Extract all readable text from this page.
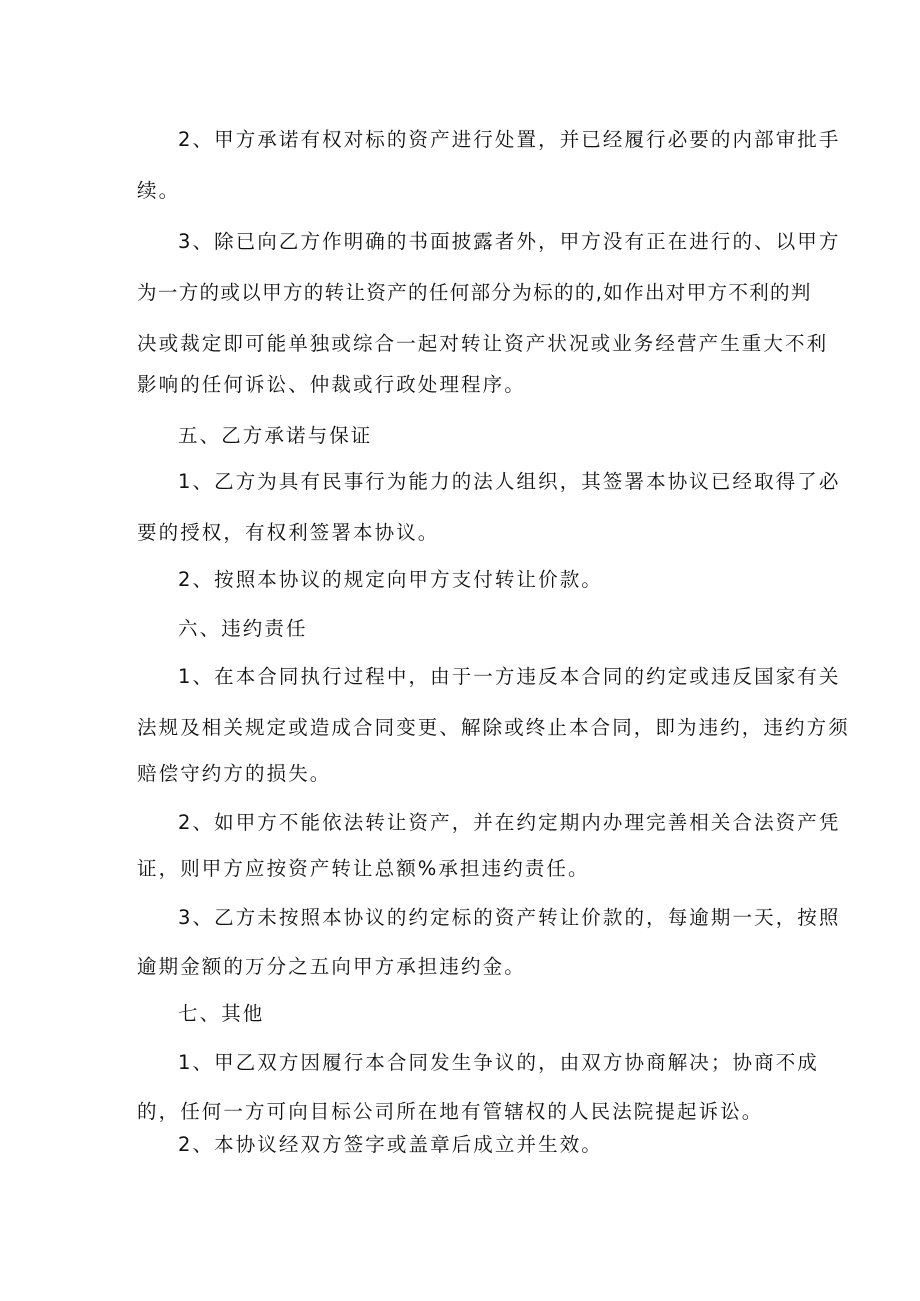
2、甲方承诺有权对标的资产进行处置，并已经履行必要的内部审批手
续。
3、除已向乙方作明确的书面披露者外，甲方没有正在进行的、以甲方
为一方的或以甲方的转让资产的任何部分为标的的,如作出对甲方不利的判
决或裁定即可能单独或综合一起对转让资产状况或业务经营产生重大不利
影响的任何诉讼、仲裁或行政处理程序。
五、乙方承诺与保证
1、乙方为具有民事行为能力的法人组织，其签署本协议已经取得了必
要的授权，有权利签署本协议。
2、按照本协议的规定向甲方支付转让价款。
六、违约责任
1、在本合同执行过程中，由于一方违反本合同的约定或违反国家有关
法规及相关规定或造成合同变更、解除或终止本合同，即为违约，违约方须
赔偿守约方的损失。
2、如甲方不能依法转让资产，并在约定期内办理完善相关合法资产凭
证，则甲方应按资产转让总额%承担违约责任。
3、乙方未按照本协议的约定标的资产转让价款的，每逾期一天，按照
逾期金额的万分之五向甲方承担违约金。
七、其他
1、甲乙双方因履行本合同发生争议的，由双方协商解决；协商不成
的，任何一方可向目标公司所在地有管辖权的人民法院提起诉讼。
2、本协议经双方签字或盖章后成立并生效。
